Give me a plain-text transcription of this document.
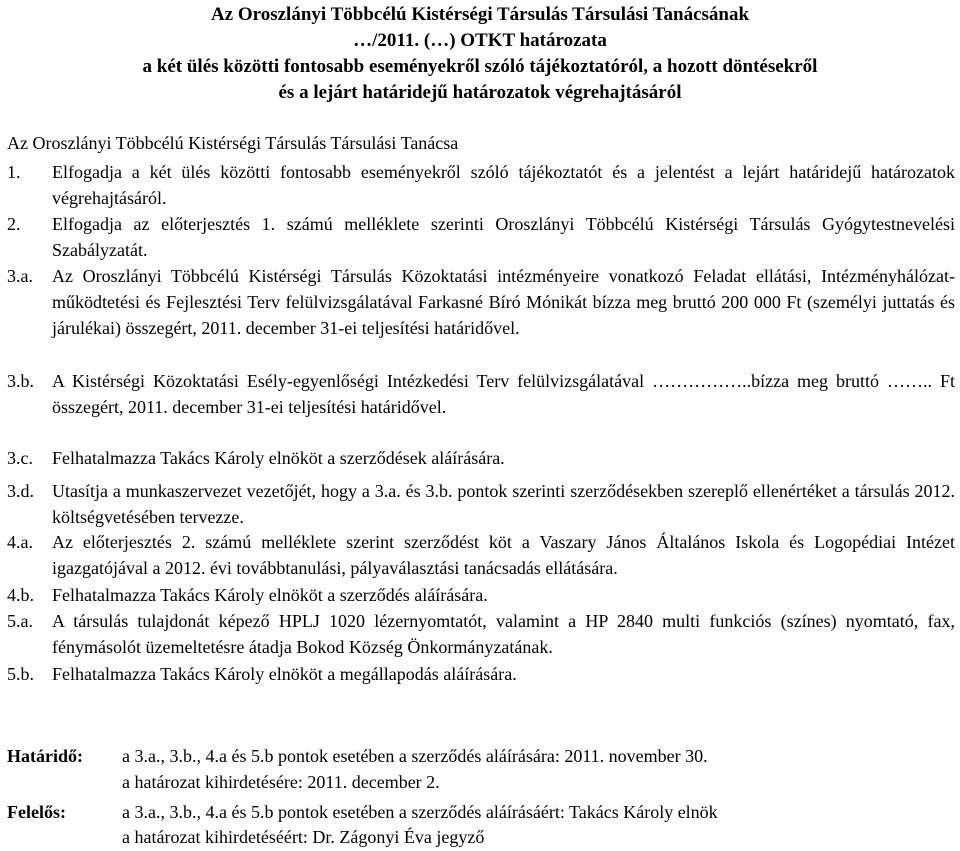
Az Oroszlányi Többcélú Kistérségi Társulás Társulási Tanácsának
…/2011. (…) OTKT határozata
a két ülés közötti fontosabb eseményekről szóló tájékoztatóról, a hozott döntésekről
és a lejárt határidejű határozatok végrehajtásáról
Az Oroszlányi Többcélú Kistérségi Társulás Társulási Tanácsa
1. Elfogadja a két ülés közötti fontosabb eseményekről szóló tájékoztatót és a jelentést a lejárt határidejű határozatok végrehajtásáról.
2. Elfogadja az előterjesztés 1. számú melléklete szerinti Oroszlányi Többcélú Kistérségi Társulás Gyógytestnevelési Szabályzatát.
3.a. Az Oroszlányi Többcélú Kistérségi Társulás Közoktatási intézményeire vonatkozó Feladat ellátási, Intézményhálózat-működtetési és Fejlesztési Terv felülvizsgálatával Farkasné Bíró Mónikát bízza meg bruttó 200 000 Ft (személyi juttatás és járulékai) összegért, 2011. december 31-ei teljesítési határidővel.
3.b. A Kistérségi Közoktatási Esély-egyenlőségi Intézkedési Terv felülvizsgálatával ……………..bízza meg bruttó …….. Ft összegért, 2011. december 31-ei teljesítési határidővel.
3.c. Felhatalmazza Takács Károly elnököt a szerződések aláírására.
3.d. Utasítja a munkaszervezet vezetőjét, hogy a 3.a. és 3.b. pontok szerinti szerződésekben szereplő ellenértéket a társulás 2012. költségvetésében tervezze.
4.a. Az előterjesztés 2. számú melléklete szerint szerződést köt a Vaszary János Általános Iskola és Logopédiai Intézet igazgatójával a 2012. évi továbbtanulási, pályaválasztási tanácsadás ellátására.
4.b. Felhatalmazza Takács Károly elnököt a szerződés aláírására.
5.a. A társulás tulajdonát képező HPLJ 1020 lézernyomtatót, valamint a HP 2840 multi funkciós (színes) nyomtató, fax, fénymásolót üzemeltetésre átadja Bokod Község Önkormányzatának.
5.b. Felhatalmazza Takács Károly elnököt a megállapodás aláírására.
Határidő: a 3.a., 3.b., 4.a és 5.b pontok esetében a szerződés aláírására: 2011. november 30.
a határozat kihirdetésére: 2011. december 2.
Felelős:	a 3.a., 3.b., 4.a és 5.b pontok esetében a szerződés aláírásáért: Takács Károly elnök
a határozat kihirdetéséért: Dr. Zágonyi Éva jegyző
